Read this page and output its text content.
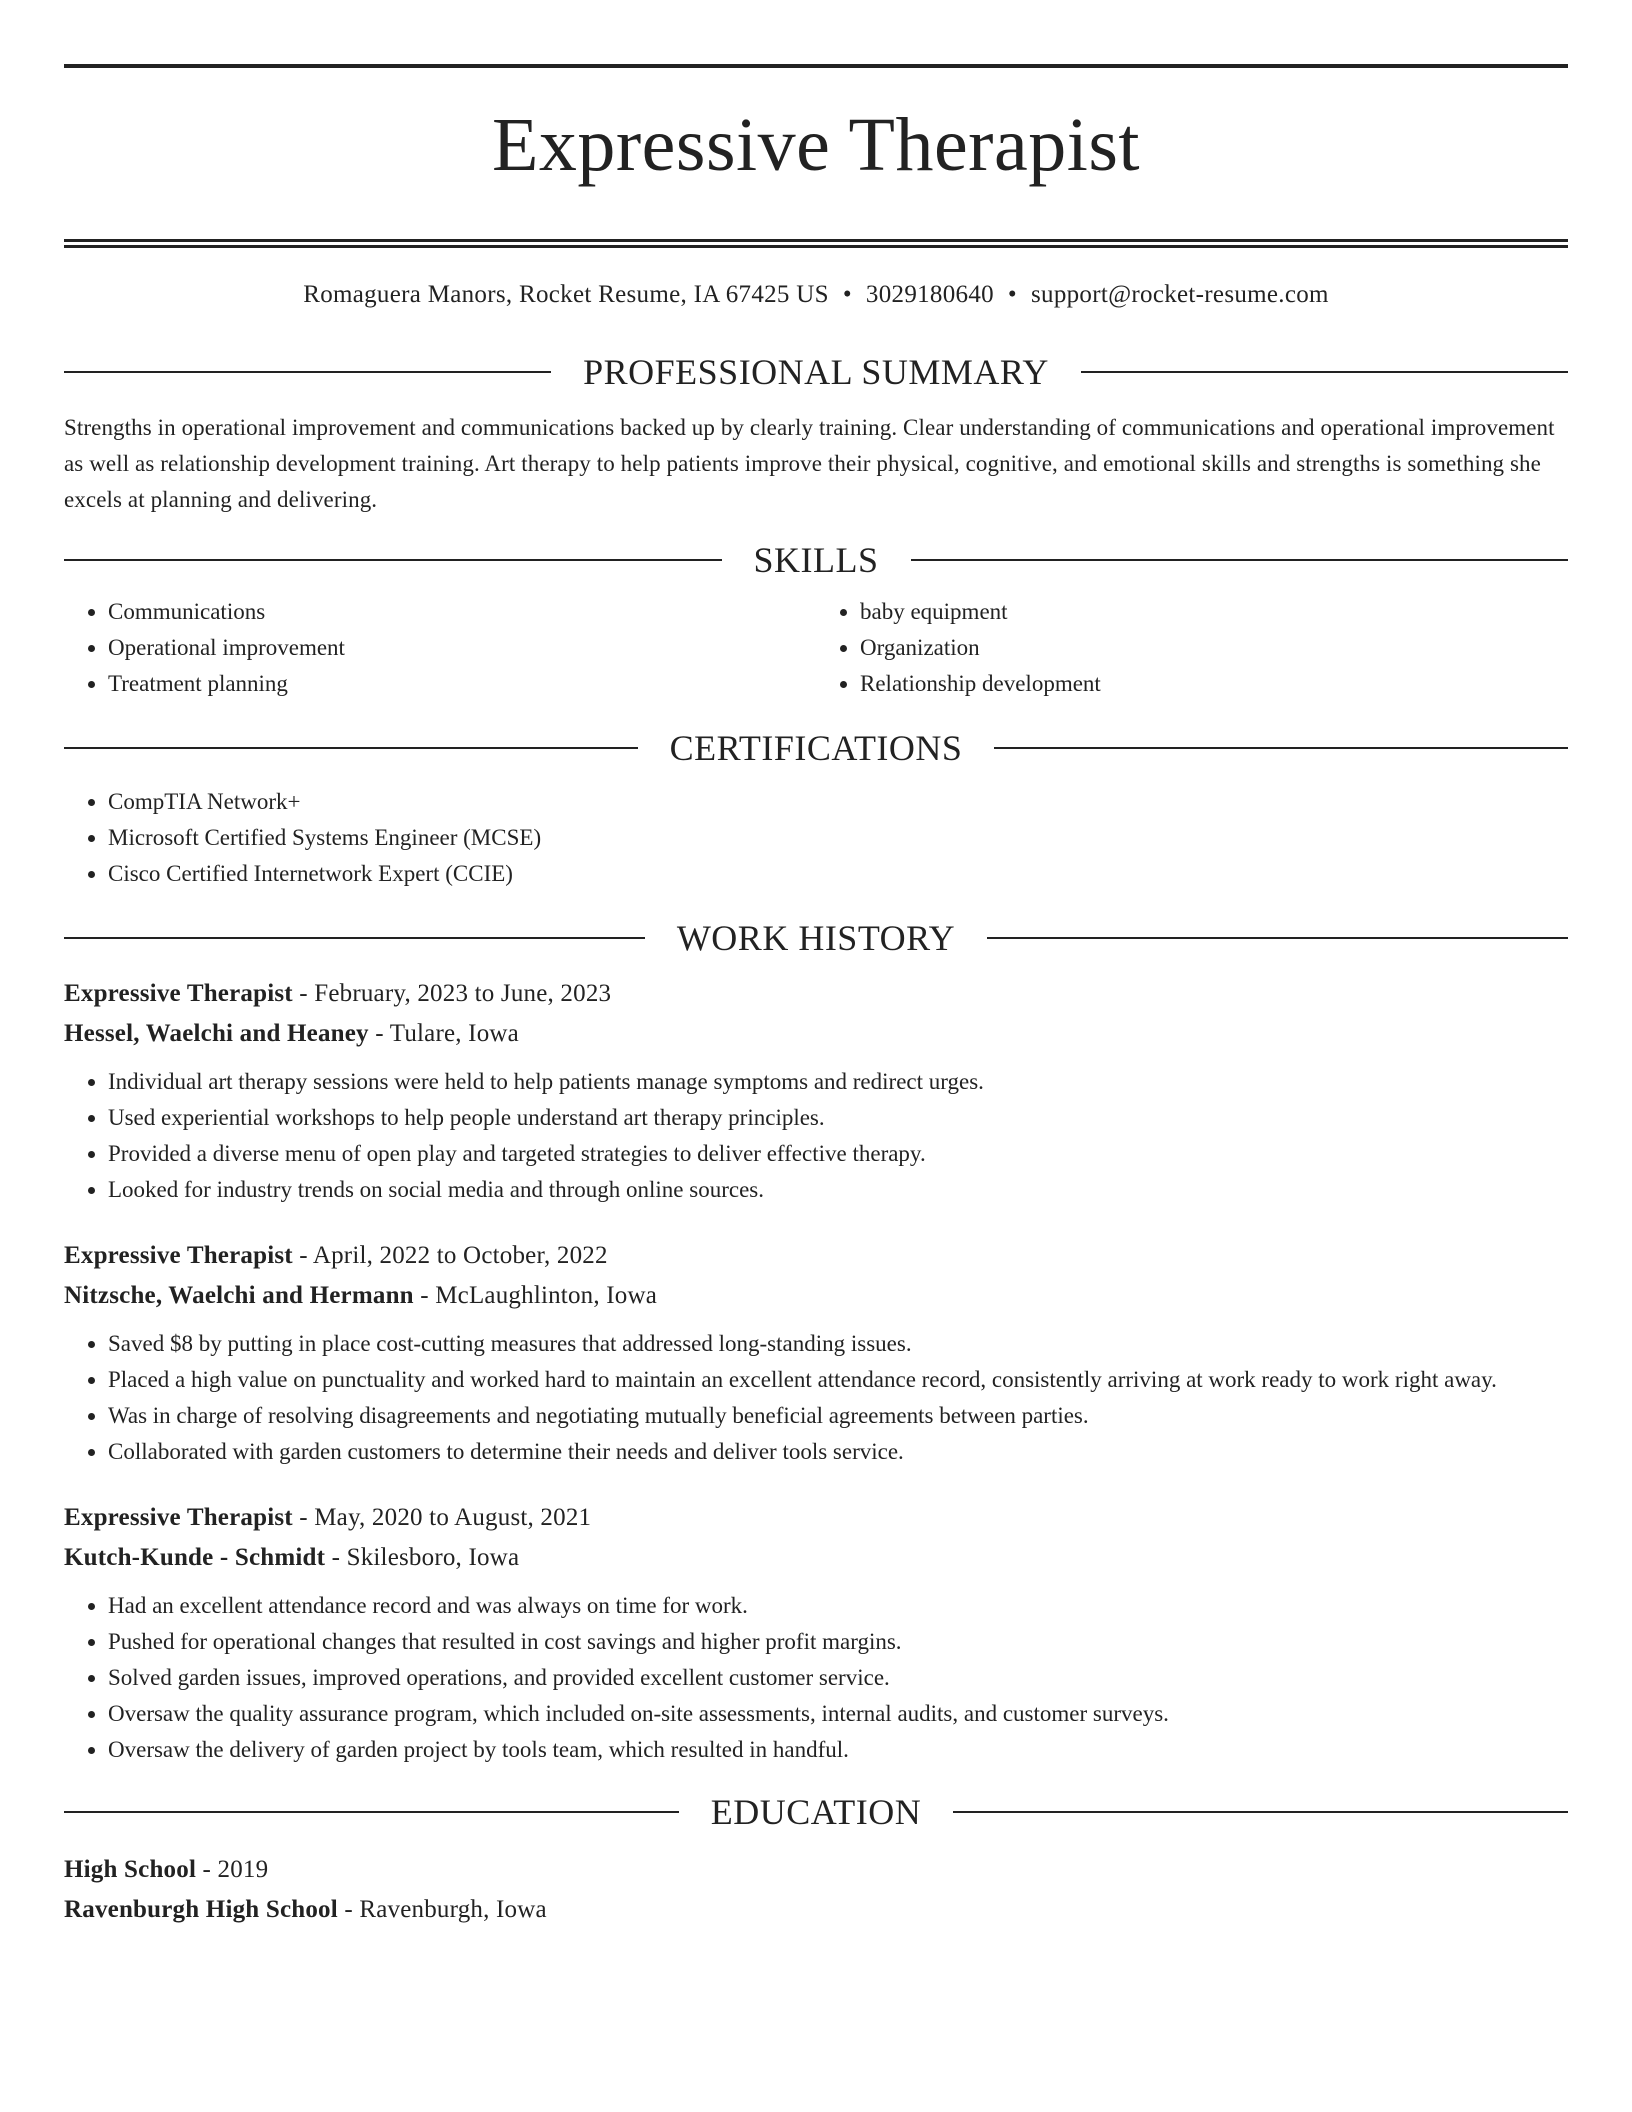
Expressive Therapist
Romaguera Manors, Rocket Resume, IA 67425 US • 3029180640 • support@rocket-resume.com
PROFESSIONAL SUMMARY

Strengths in operational improvement and communications backed up by clearly training. Clear understanding of communications and operational improvement as well as relationship development training. Art therapy to help patients improve their physical, cognitive, and emotional skills and strengths is something she excels at planning and delivering.

SKILLS
• Communications
• Operational improvement
• Treatment planning
• baby equipment
• Organization
• Relationship development
CERTIFICATIONS
• CompTIA Network+
• Microsoft Certified Systems Engineer (MCSE)
• Cisco Certified Internetwork Expert (CCIE)
WORK HISTORY
Expressive Therapist - February, 2023 to June, 2023
Hessel, Waelchi and Heaney - Tulare, Iowa
• Individual art therapy sessions were held to help patients manage symptoms and redirect urges.
• Used experiential workshops to help people understand art therapy principles.
• Provided a diverse menu of open play and targeted strategies to deliver effective therapy.
• Looked for industry trends on social media and through online sources.
Expressive Therapist - April, 2022 to October, 2022
Nitzsche, Waelchi and Hermann - McLaughlinton, Iowa
• Saved $8 by putting in place cost-cutting measures that addressed long-standing issues.
• Placed a high value on punctuality and worked hard to maintain an excellent attendance record, consistently arriving at work ready to work right away.
• Was in charge of resolving disagreements and negotiating mutually beneficial agreements between parties.
• Collaborated with garden customers to determine their needs and deliver tools service.
Expressive Therapist - May, 2020 to August, 2021
Kutch-Kunde - Schmidt - Skilesboro, Iowa
• Had an excellent attendance record and was always on time for work.
• Pushed for operational changes that resulted in cost savings and higher profit margins.
• Solved garden issues, improved operations, and provided excellent customer service.
• Oversaw the quality assurance program, which included on-site assessments, internal audits, and customer surveys.
• Oversaw the delivery of garden project by tools team, which resulted in handful.
EDUCATION
High School - 2019
Ravenburgh High School - Ravenburgh, Iowa
